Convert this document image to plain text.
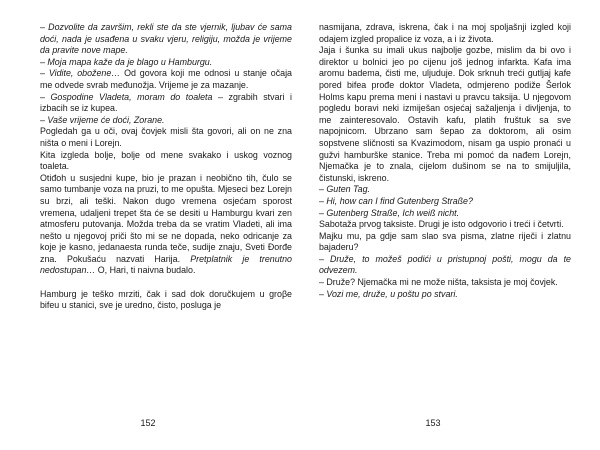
– Dozvolite da završim, rekli ste da ste vjernik, ljubav će sama doći, nada je usađena u svaku vjeru, religiju, možda je vrijeme da pravite nove mape.

– Moja mapa kaže da je blago u Hamburgu.

– Vidite, obožene… Od govora koji me odnosi u stanje očaja me odvede svrab međunožja. Vrijeme je za mazanje.

– Gospodine Vladeta, moram do toaleta – zgrabih stvari i izbacih se iz kupea.

– Vaše vrijeme će doći, Zorane.

Pogledah ga u oči, ovaj čovjek misli šta govori, ali on ne zna ništa o meni i Lorejn.

Kita izgleda bolje, bolje od mene svakako i uskog voznog toaleta.

Otiđoh u susjedni kupe, bio je prazan i neobično tih, čulo se samo tumbanje voza na pruzi, to me opušta. Mjeseci bez Lorejn su brzi, ali teški. Nakon dugo vremena osjećam sporost vremena, udaljeni trepet šta će se desiti u Hamburgu kvari zen atmosferu putovanja. Možda treba da se vratim Vladeti, ali ima nešto u njegovoj priči što mi se ne dopada, neko odricanje za koje je kasno, jedanaesta runda teče, sudije znaju, Sveti Đorđe zna. Pokušaću nazvati Harija. Pretplatnik je trenutno nedostupan… O, Hari, ti naivna budalo.

Hamburg je teško mrziti, čak i sad dok doručkujem u groβe bifeu u stanici, sve je uredno, čisto, posluga je

nasmijana, zdrava, iskrena, čak i na moj spoljašnji izgled koji odajem izgled propalice iz voza, a i iz života.

Jaja i šunka su imali ukus najbolje gozbe, mislim da bi ovo i direktor u bolnici jeo po cijenu još jednog infarkta. Kafa ima aromu badema, čisti me, uljuduje. Dok srknuh treći gutljaj kafe pored bifea prođe doktor Vladeta, odmjereno podiže Šerlok Holms kapu prema meni i nastavi u pravcu taksija. U njegovom pogledu boravi neki izmiješan osjećaj sažaljenja i divljenja, to me zainteresovalo. Ostavih kafu, platih fruštuk sa sve napojnicom. Ubrzano sam šepao za doktorom, ali osim sopstvene sličnosti sa Kvazimodom, nisam ga uspio pronaći u gužvi hamburške stanice. Treba mi pomoć da nađem Lorejn, Njemačka je to znala, cijelom dušinom se na to smijuljila, čistunski, iskreno.

– Guten Tag.

– Hi, how can I find Gutenberg Straße?

– Gutenberg Straße, Ich weiß nicht.

Sabotaža prvog taksiste. Drugi je isto odgovorio i treći i četvrti.

Majku mu, pa gdje sam slao sva pisma, zlatne riječi i zlatnu bajaderu?

– Druže, to možeš podići u pristupnoj pošti, mogu da te odvezem.

– Druže? Njemačka mi ne može ništa, taksista je moj čovjek.

– Vozi me, druže, u poštu po stvari.

152	153
